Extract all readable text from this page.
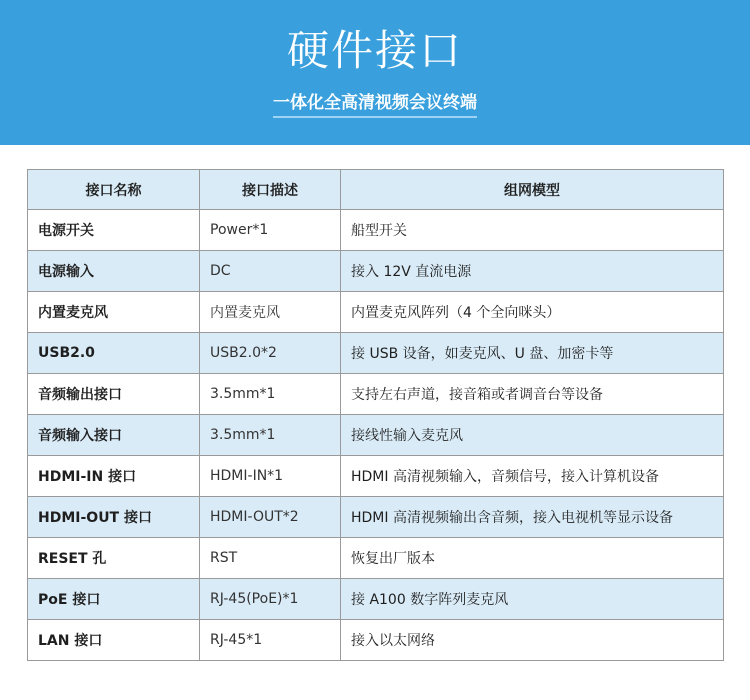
硬件接口
一体化全高清视频会议终端
接口名称	接口描述	组网模型
电源开关	Power*1	船型开关
电源输入	DC	接入 12V 直流电源
内置麦克风	内置麦克风	内置麦克风阵列（4 个全向咪头）
USB2.0	USB2.0*2	接 USB 设备，如麦克风、U 盘、加密卡等
音频输出接口	3.5mm*1	支持左右声道，接音箱或者调音台等设备
音频输入接口	3.5mm*1	接线性输入麦克风
HDMI-IN 接口	HDMI-IN*1	HDMI 高清视频输入，音频信号，接入计算机设备
HDMI-OUT 接口	HDMI-OUT*2	HDMI 高清视频输出含音频，接入电视机等显示设备
RESET 孔	RST	恢复出厂版本
PoE 接口	RJ-45(PoE)*1	接 A100 数字阵列麦克风
LAN 接口	RJ-45*1	接入以太网络
